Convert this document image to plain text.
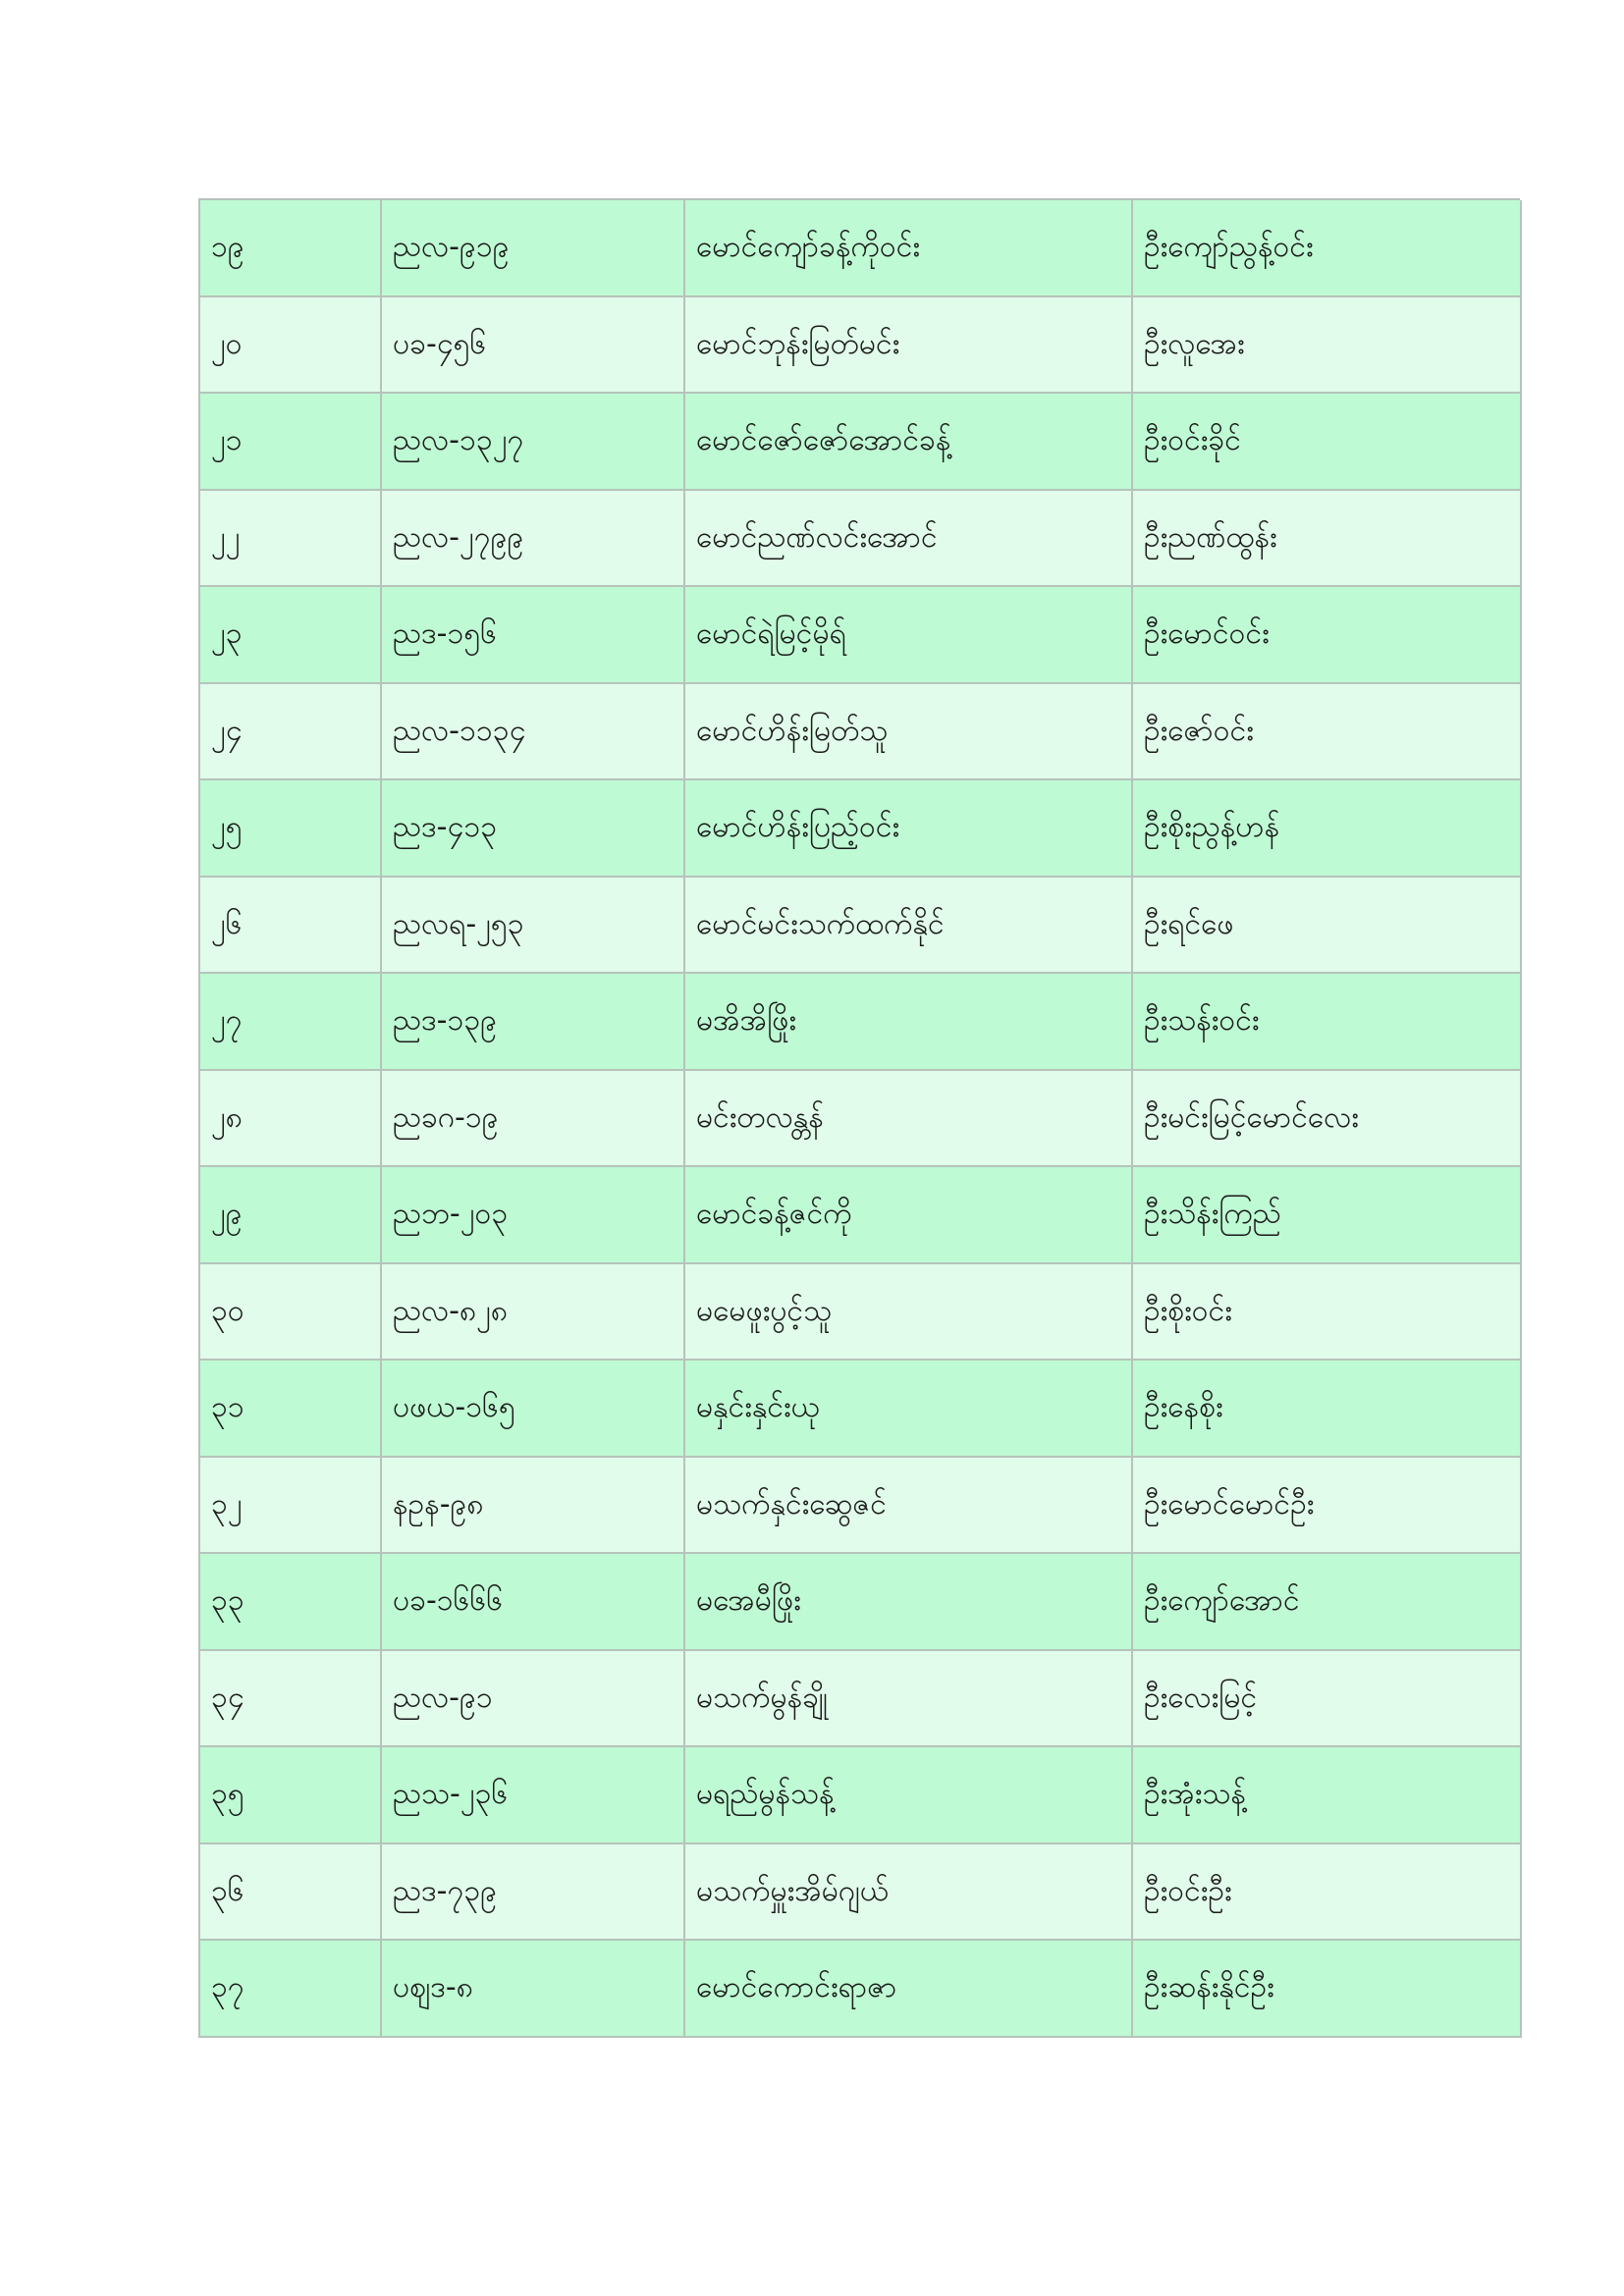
၁၉	ညလ-၉၁၉	မောင်ကျော်ခန့်ကိုဝင်း	ဦးကျော်ညွန့်ဝင်း
၂၀	ပခ-၄၅၆	မောင်ဘုန်းမြတ်မင်း	ဦးလူအေး
၂၁	ညလ-၁၃၂၇	မောင်ဇော်ဇော်အောင်ခန့်	ဦးဝင်းခိုင်
၂၂	ညလ-၂၇၉၉	မောင်ညဏ်လင်းအောင်	ဦးညဏ်ထွန်း
၂၃	ညဒ-၁၅၆	မောင်ရဲမြင့်မိုရ်	ဦးမောင်ဝင်း
၂၄	ညလ-၁၁၃၄	မောင်ဟိန်းမြတ်သူ	ဦးဇော်ဝင်း
၂၅	ညဒ-၄၁၃	မောင်ဟိန်းပြည့်ဝင်း	ဦးစိုးညွန့်ဟန်
၂၆	ညလရ-၂၅၃	မောင်မင်းသက်ထက်နိုင်	ဦးရင်ဖေ
၂၇	ညဒ-၁၃၉	မအိအိဖြိုး	ဦးသန်းဝင်း
၂၈	ညခဂ-၁၉	မင်းတလန္တန်	ဦးမင်းမြင့်မောင်လေး
၂၉	ညဘ-၂၀၃	မောင်ခန့်ဇင်ကို	ဦးသိန်းကြည်
၃၀	ညလ-၈၂၈	မမေဖူးပွင့်သူ	ဦးစိုးဝင်း
၃၁	ပဖယ-၁၆၅	မနှင်းနှင်းယု	ဦးနေစိုး
၃၂	နဥန-၉၈	မသက်နှင်းဆွေဇင်	ဦးမောင်မောင်ဦး
၃၃	ပခ-၁၆၆၆	မအေမီဖြိုး	ဦးကျော်အောင်
၃၄	ညလ-၉၁	မသက်မွန်ချို	ဦးလေးမြင့်
၃၅	ညသ-၂၃၆	မရည်မွန်သန့်	ဦးအုံးသန့်
၃၆	ညဒ-၇၃၉	မသက်မှူးအိမ်ဂျယ်	ဦးဝင်းဦး
၃၇	ပဈဒ-၈	မောင်ကောင်းရာဇာ	ဦးဆန်းနိုင်ဦး
